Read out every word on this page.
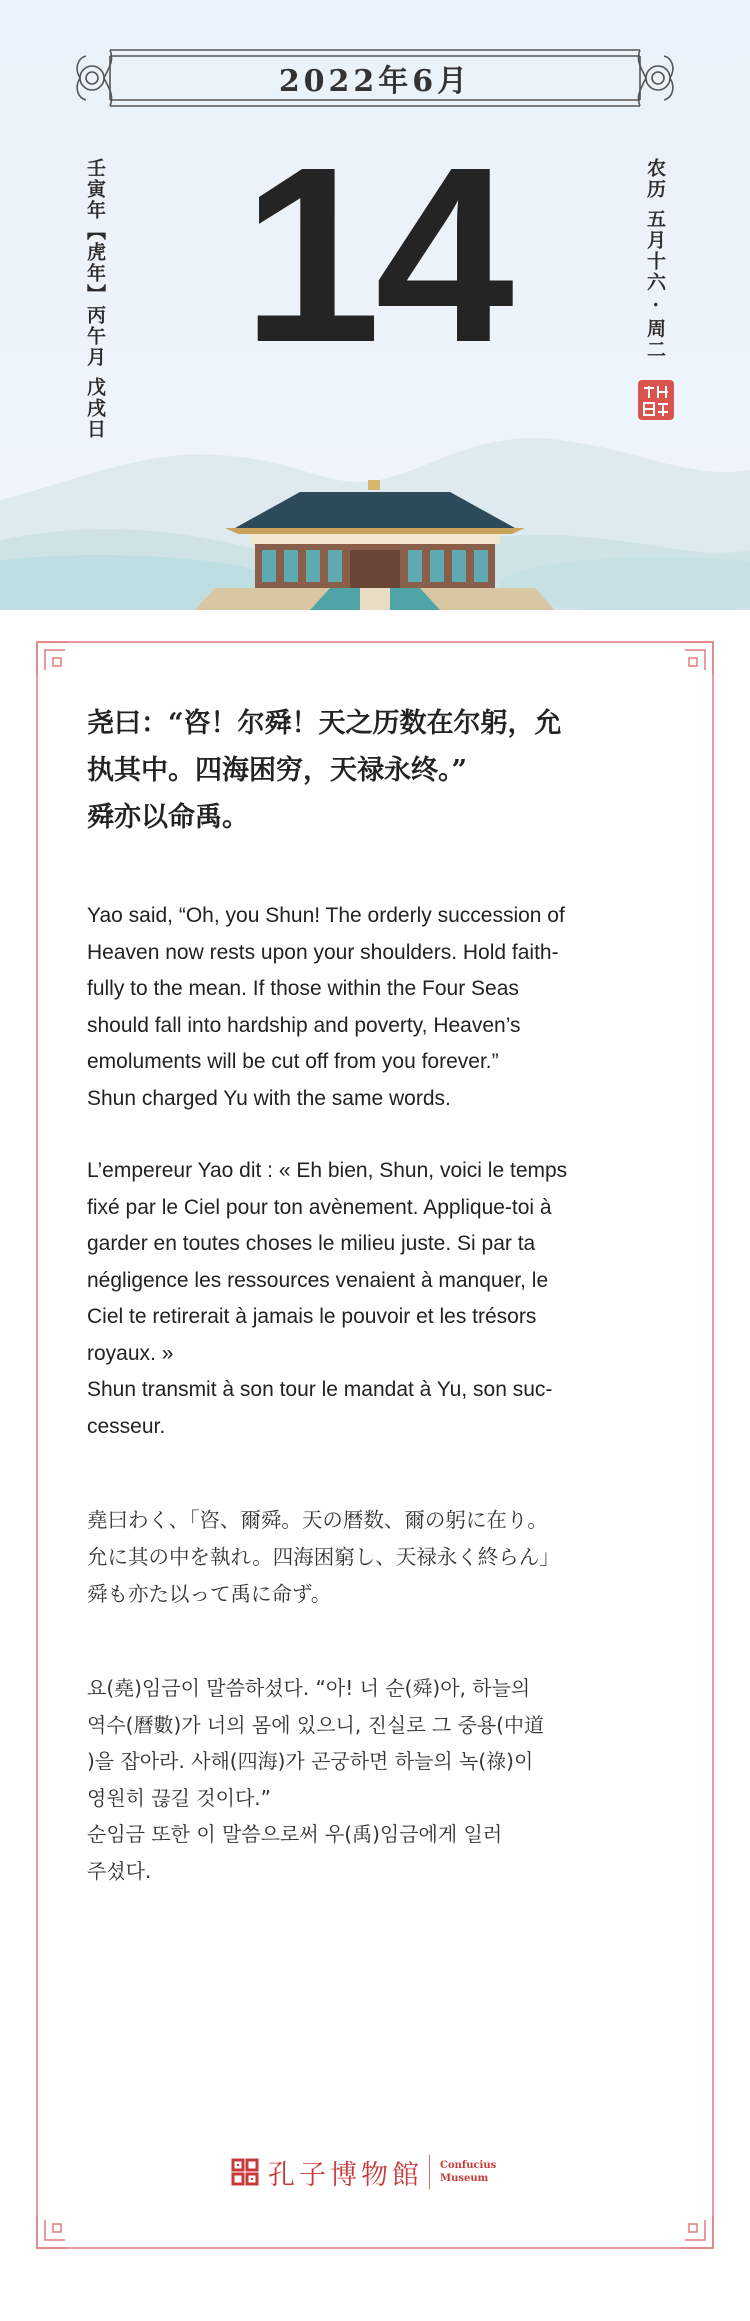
2022年6月
壬寅年【虎年】丙午月 戊戌日 14	农历 五月十六 · 周二

尧曰：“咨！尔舜！天之历数在尔躬，允
执其中。四海困穷，天禄永终。”
舜亦以命禹。

Yao said, “Oh, you Shun! The orderly succession of
Heaven now rests upon your shoulders. Hold faith-
fully to the mean. If those within the Four Seas
should fall into hardship and poverty, Heaven’s
emoluments will be cut off from you forever.”
Shun charged Yu with the same words.

L’empereur Yao dit : « Eh bien, Shun, voici le temps
fixé par le Ciel pour ton avènement. Applique-toi à
garder en toutes choses le milieu juste. Si par ta
négligence les ressources venaient à manquer, le
Ciel te retirerait à jamais le pouvoir et les trésors
royaux. »
Shun transmit à son tour le mandat à Yu, son suc-
cesseur.

堯曰わく、「咨、爾舜。天の暦数、爾の躬に在り。
允に其の中を執れ。四海困窮し、天禄永く終らん」
舜も亦た以って禹に命ず。

요(堯)임금이 말씀하셨다. “아! 너 순(舜)아, 하늘의
역수(曆數)가 너의 몸에 있으니, 진실로 그 중용(中道
)을 잡아라. 사해(四海)가 곤궁하면 하늘의 녹(祿)이
영원히 끊길 것이다.”
순임금 또한 이 말씀으로써 우(禹)임금에게 일러
주셨다.

孔子博物館 Confucius
Museum
